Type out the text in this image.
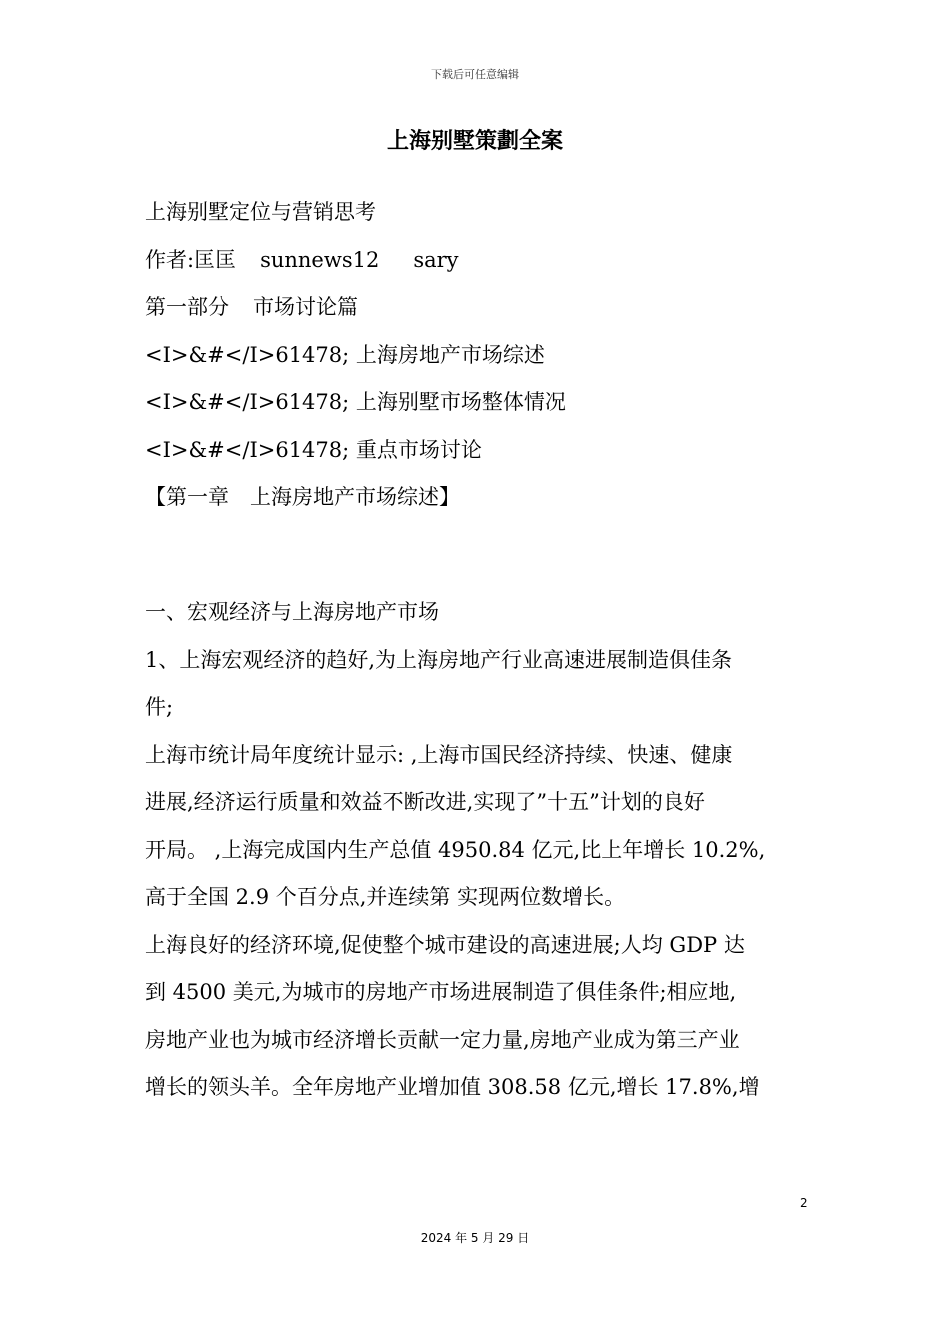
下载后可任意编辑
上海别墅策劃全案
上海别墅定位与营销思考
作者:匡匡 sunnews12 sary
第一部分 市场讨论篇
<I>&#</I>61478; 上海房地产市场综述
<I>&#</I>61478; 上海别墅市场整体情况
<I>&#</I>61478; 重点市场讨论
【第一章　上海房地产市场综述】
一、宏观经济与上海房地产市场
1、上海宏观经济的趋好,为上海房地产行业高速进展制造俱佳条
件;
上海市统计局年度统计显示: ,上海市国民经济持续、快速、健康
进展,经济运行质量和效益不断改进,实现了”十五”计划的良好
开局。 ,上海完成国内生产总值 4950.84 亿元,比上年增长 10.2%,
高于全国 2.9 个百分点,并连续第 实现两位数增长。
上海良好的经济环境,促使整个城市建设的高速进展;人均 GDP 达
到 4500 美元,为城市的房地产市场进展制造了俱佳条件;相应地,
房地产业也为城市经济增长贡献一定力量,房地产业成为第三产业
增长的领头羊。全年房地产业增加值 308.58 亿元,增长 17.8%,增
2
2024 年 5 月 29 日
